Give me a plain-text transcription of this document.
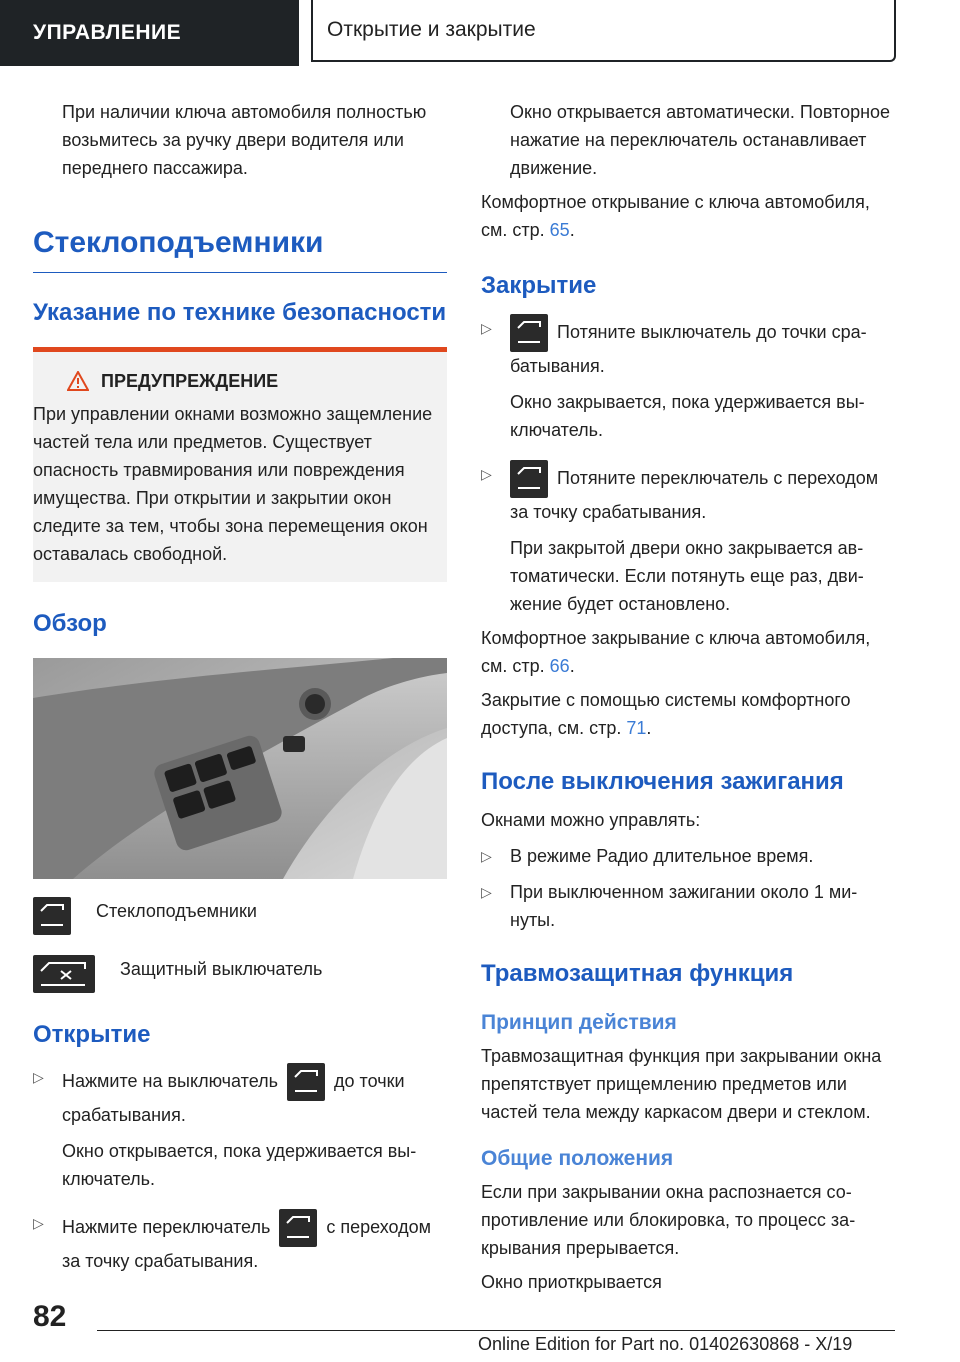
УПРАВЛЕНИЕ	Открытие и закрытие

При наличии ключа автомобиля полностью возьмитесь за ручку двери водителя или переднего пассажира.

Стеклоподъемники
Указание по технике безопасности
ПРЕДУПРЕЖДЕНИЕ

При управлении окнами возможно защемление частей тела или предметов. Существует опасность травмирования или повреждения имущества. При открытии и закрытии окон следите за тем, чтобы зона перемещения окон оставалась свободной.

Обзор

Стеклоподъемники

Защитный выключатель

Открытие
▷	Нажмите на выключатель	до точки срабатывания.

Окно открывается, пока удерживается выключатель.

▷	Нажмите переключатель	с переходом за точку срабатывания.

Окно открывается автоматически. Повторное нажатие на переключатель останавливает движение.

Комфортное открывание с ключа автомобиля, см. стр. 65.

Закрытие
▷	Потяните выключатель до точки срабатывания.

Окно закрывается, пока удерживается выключатель.

▷	Потяните переключатель с переходом за точку срабатывания.

При закрытой двери окно закрывается автоматически. Если потянуть еще раз, движение будет остановлено.

Комфортное закрывание с ключа автомобиля, см. стр. 66.

Закрытие с помощью системы комфортного доступа, см. стр. 71.

После выключения зажигания

Окнами можно управлять:

▷	В режиме Радио длительное время.

▷	При выключенном зажигании около 1 минуты.

Травмозащитная функция
Принцип действия

Травмозащитная функция при закрывании окна препятствует прищемлению предметов или частей тела между каркасом двери и стеклом.

Общие положения

Если при закрывании окна распознается сопротивление или блокировка, то процесс закрывания прерывается.

Окно приоткрывается

82
Online Edition for Part no. 01402630868 - X/19
